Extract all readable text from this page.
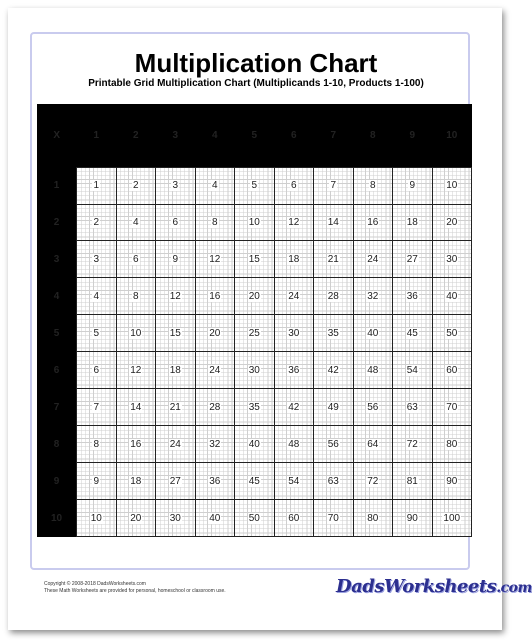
Multiplication Chart
Printable Grid Multiplication Chart (Multiplicands 1-10, Products 1-100)
X	1	2	3	4	5	6	7	8	9	10
1	1	2	3	4	5	6	7	8	9	10
2	2	4	6	8	10	12	14	16	18	20
3	3	6	9	12	15	18	21	24	27	30
4	4	8	12	16	20	24	28	32	36	40
5	5	10	15	20	25	30	35	40	45	50
6	6	12	18	24	30	36	42	48	54	60
7	7	14	21	28	35	42	49	56	63	70
8	8	16	24	32	40	48	56	64	72	80
9	9	18	27	36	45	54	63	72	81	90
10	10	20	30	40	50	60	70	80	90	100
Copyright © 2008-2018 DadsWorksheets.com
These Math Worksheets are provided for personal, homeschool or classroom use.	DadsWorksheets.com
